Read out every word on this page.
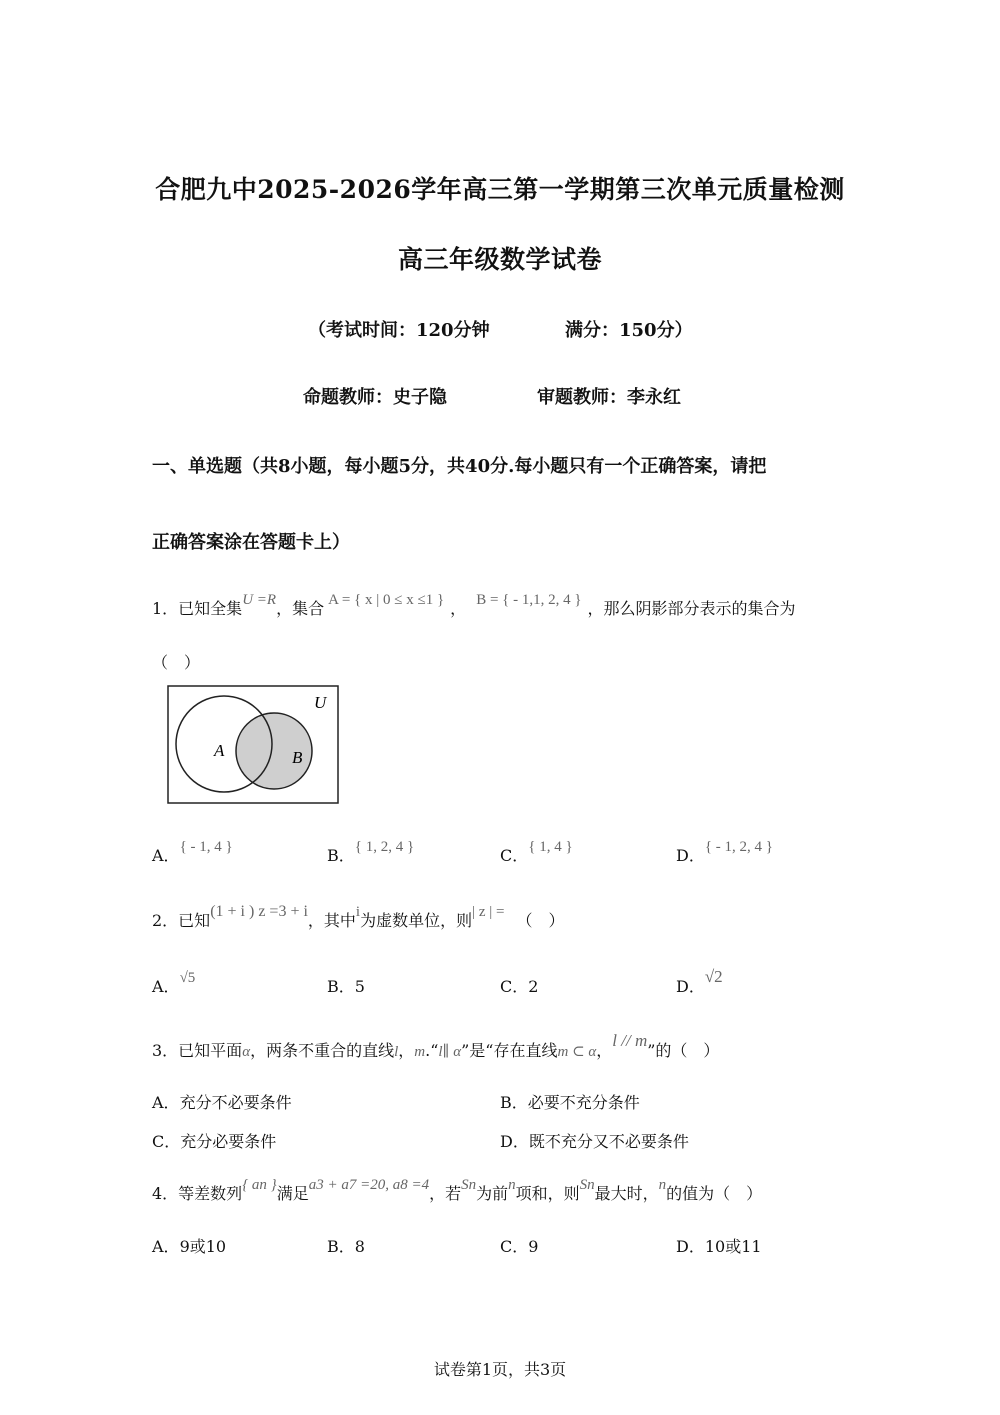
合肥九中2025-2026学年高三第一学期第三次单元质量检测
高三年级数学试卷
（考试时间：120分钟	满分：150分）
命题教师：史子隐	审题教师：李永红
一、单选题（共8小题，每小题5分，共40分.每小题只有一个正确答案，请把
正确答案涂在答题卡上）
1．已知全集U =R，集合 A = { x | 0 ≤ x ≤1 } ， B = { - 1,1, 2, 4 } ，那么阴影部分表示的集合为
（　）
U
A	B
A．{ - 1, 4 }	B．{ 1, 2, 4 }	C．{ 1, 4 }	D．{ - 1, 2, 4 }
2．已知(1 + i ) z =3 + i，其中i为虚数单位，则| z | = （　）
A．√5	B．5	C．2	D．√2
3．已知平面α，两条不重合的直线l，m.“l∥ α”是“存在直线m ⊂ α，l // m”的（　）
A．充分不必要条件	B．必要不充分条件
C．充分必要条件	D．既不充分又不必要条件
4．等差数列{ an }满足a3 + a7 =20, a8 =4，若Sn为前n项和，则Sn最大时，n的值为（　）
A．9或10	B．8	C．9	D．10或11
试卷第1页，共3页
